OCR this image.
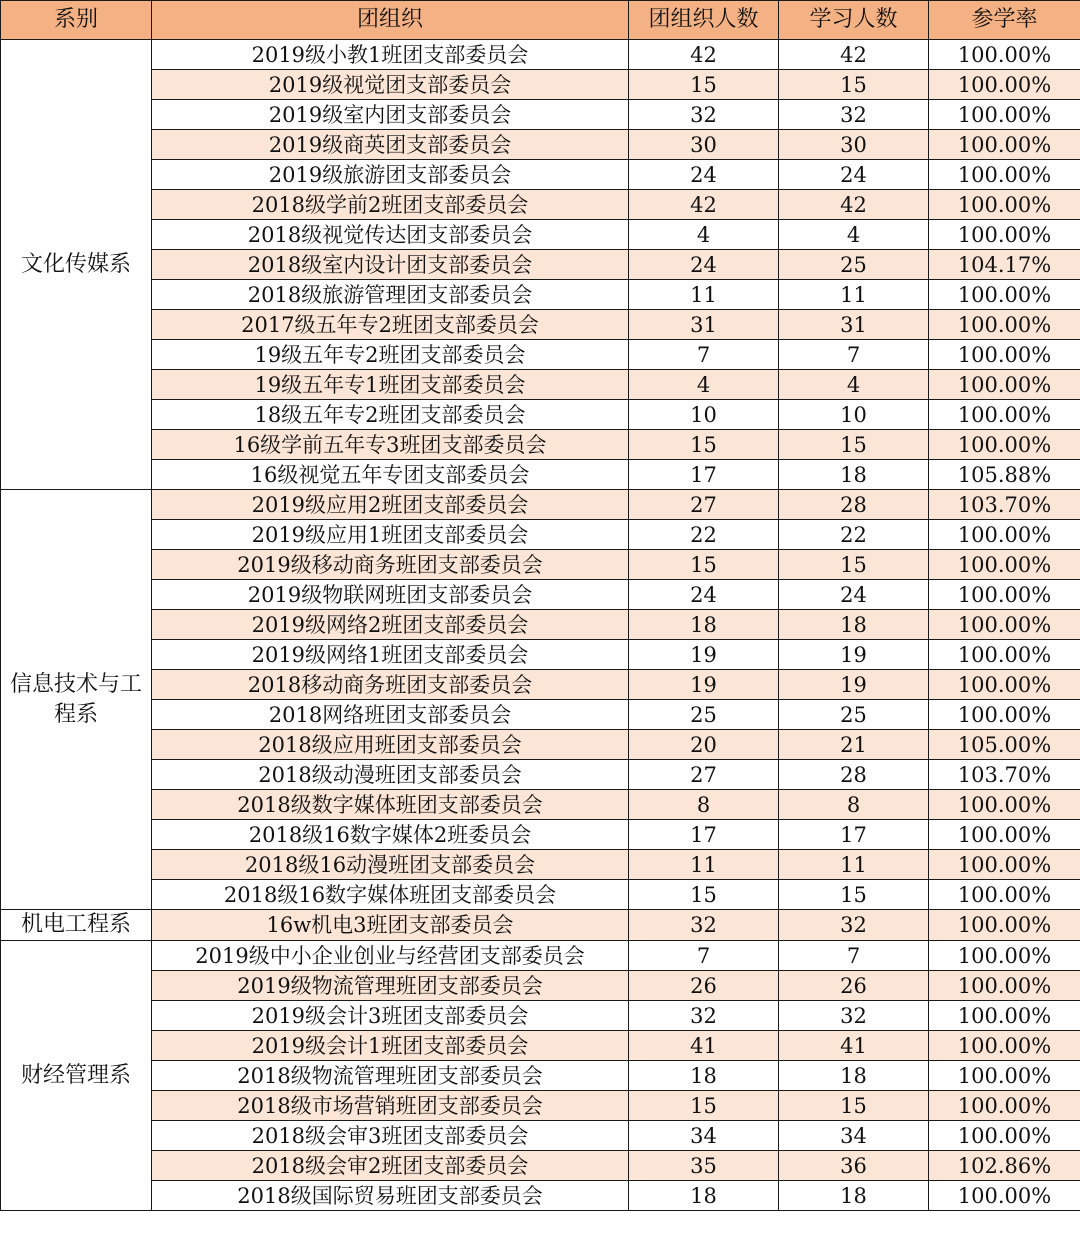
系别	团组织	团组织人数	学习人数	参学率
文化传媒系	2019级小教1班团支部委员会	42	42	100.00%
	2019级视觉团支部委员会	15	15	100.00%
	2019级室内团支部委员会	32	32	100.00%
	2019级商英团支部委员会	30	30	100.00%
	2019级旅游团支部委员会	24	24	100.00%
	2018级学前2班团支部委员会	42	42	100.00%
	2018级视觉传达团支部委员会	4	4	100.00%
	2018级室内设计团支部委员会	24	25	104.17%
	2018级旅游管理团支部委员会	11	11	100.00%
	2017级五年专2班团支部委员会	31	31	100.00%
	19级五年专2班团支部委员会	7	7	100.00%
	19级五年专1班团支部委员会	4	4	100.00%
	18级五年专2班团支部委员会	10	10	100.00%
	16级学前五年专3班团支部委员会	15	15	100.00%
	16级视觉五年专团支部委员会	17	18	105.88%
信息技术与工程系	2019级应用2班团支部委员会	27	28	103.70%
	2019级应用1班团支部委员会	22	22	100.00%
	2019级移动商务班团支部委员会	15	15	100.00%
	2019级物联网班团支部委员会	24	24	100.00%
	2019级网络2班团支部委员会	18	18	100.00%
	2019级网络1班团支部委员会	19	19	100.00%
	2018移动商务班团支部委员会	19	19	100.00%
	2018网络班团支部委员会	25	25	100.00%
	2018级应用班团支部委员会	20	21	105.00%
	2018级动漫班团支部委员会	27	28	103.70%
	2018级数字媒体班团支部委员会	8	8	100.00%
	2018级16数字媒体2班委员会	17	17	100.00%
	2018级16动漫班团支部委员会	11	11	100.00%
	2018级16数字媒体班团支部委员会	15	15	100.00%
机电工程系	16w机电3班团支部委员会	32	32	100.00%
财经管理系	2019级中小企业创业与经营团支部委员会	7	7	100.00%
	2019级物流管理班团支部委员会	26	26	100.00%
	2019级会计3班团支部委员会	32	32	100.00%
	2019级会计1班团支部委员会	41	41	100.00%
	2018级物流管理班团支部委员会	18	18	100.00%
	2018级市场营销班团支部委员会	15	15	100.00%
	2018级会审3班团支部委员会	34	34	100.00%
	2018级会审2班团支部委员会	35	36	102.86%
	2018级国际贸易班团支部委员会	18	18	100.00%
